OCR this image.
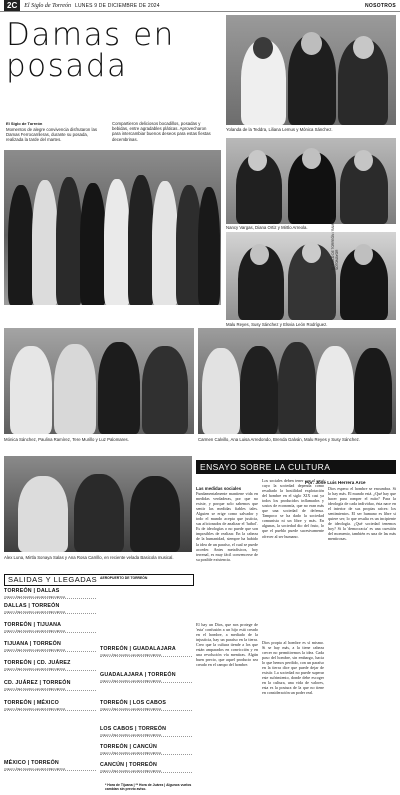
2C	El Siglo de Torreón LUNES 9 DE DICIEMBRE DE 2024	NOSOTROS
Damas en
posada
El Siglo de Torreón
Momentos de alegre convivencia disfrutaron las Damas Ferrocarrileras, durante su posada, realizada la tarde del martes.
Compartieron deliciosos bocadillos, posadas y bebidas, entre agradables pláticas. Aprovecharon para intercambiar buenos deseos para estas fiestas decembrinas.
Yolanda de la Teddra, Liliana Lemus y Mónica Sánchez.
Nancy Vargas, Diana Ortiz y Mirtlo Arreola.	EL SIGLO DE TORREÓN / RAMÓN SOTOMAYOR
Malu Reyes, Susy Sánchez y Elsvia León Rodríguez.
Mónica Sánchez, Paulina Ramírez, Tere Murillo y Luz Palomares.	Carmen Calvillo, Ana Luisa Arredondo, Brenda Galván, Malu Reyes y Susy Sánchez.
Alex Luna, Mirtla Sonaya Salas y Ana Rosa Carrillo, en reciente velada Basicola musical.
ENSAYO SOBRE LA CULTURA
Por: José Luis Herrera Arce
Las medidas sociales
Fundamentalmente mantiene vida en medidas verdaderas, por que no existe, y porque solo sabemos que sentir las medidas fiables tales. Alguien se erige como salvador y todo el mundo acepta que justicia, sus aficionados de analizar el 'futbol'. Es de ideologías o no puede que son imposibles de realizar. En la cabeza de la humanidad, siempre ha habido la idea de un paraíso, el cual se puede acceder. Antes metafísicos, hoy terrenal, es muy fácil convencerse de su posible existencia.
Los sociales deben tener con el pasó cuyo la sociedad dependa como resultado la hostilidad explotación del hombre en el siglo XIX casi ya todos los producidos inflamados y sostos de economía, que no eran más que una sociedad de defensa. Tampoco se ha dado la sociedad comunista ni un libre y más. En algunas, la sociedad dio del fruto, lo que el pueblo puede sucesivamente ofrecer al ser humano.
El hay un Dios, que nos protege de 'esta' confusión a un hijo está creado en el hombre, a mediado de la injusticia, hay un paraíso en la tierra. Creo que la cultura tiende a los que están amparados en convicción y en una revolución vía mentiras. Algún buen precio, que aquel producto sea creado en el campo del hombre.
Dios espera: el hombre se encumbra. Si lo hay más. El mundo está. ¿Qué hay que hacer para romper el mito? Para la ideología de cada individuo, ésta nace en el interior de sus propias raíces: los sentimientos. El ser humano es libre si quiere ser; lo que resulta es un incipiente de ideología. ¿Qué sociedad tenemos hoy? Si la 'democracia' es una cuestión del momento, también es una de las más mentirosas.
Dios propia al hombre es sí mismo. Si se hay más, a la tiene cabeza crecer no permitiremos la idea. Cada paso del hombre, sin embargo, hacia lo que hemos perdido, con un paraíso en la tierra dice que puede dejar de existir. La sociedad no puede superar este sufrimiento, donde debe escoger en la cultura, una vida de valores, esta es la postura de la que no tiene en consideración un poder real.
SALIDAS Y LLEGADAS AEROPUERTO DE TORREÓN
TORREÓN | DALLAS
VUELO LÍNEA SALIDA LLEGADA FRECUENCIA
DALLAS | TORREÓN
VUELO LÍNEA SALIDA LLEGADA FRECUENCIA
TORREÓN | TIJUANA
VUELO LÍNEA SALIDA LLEGADA FRECUENCIA
TIJUANA | TORREÓN
VUELO LÍNEA SALIDA LLEGADA FRECUENCIA
TORREÓN | CD. JUÁREZ
VUELO LÍNEA SALIDA LLEGADA FRECUENCIA
CD. JUÁREZ | TORREÓN
VUELO LÍNEA SALIDA LLEGADA FRECUENCIA
TORREÓN | MÉXICO
VUELO LÍNEA SALIDA LLEGADA FRECUENCIA
MÉXICO | TORREÓN
VUELO LÍNEA SALIDA LLEGADA FRECUENCIA
TORREÓN | GUADALAJARA
VUELO LÍNEA SALIDA LLEGADA FRECUENCIA
GUADALAJARA | TORREÓN
VUELO LÍNEA SALIDA LLEGADA FRECUENCIA
TORREÓN | LOS CABOS
VUELO LÍNEA SALIDA LLEGADA FRECUENCIA
LOS CABOS | TORREÓN
VUELO LÍNEA SALIDA LLEGADA FRECUENCIA
TORREÓN | CANCÚN
VUELO LÍNEA SALIDA LLEGADA FRECUENCIA
CANCÚN | TORREÓN
VUELO LÍNEA SALIDA LLEGADA FRECUENCIA
* Hora de Tijuana | ** Hora de Juárez | Algunos vuelos cambian sin previo aviso.
